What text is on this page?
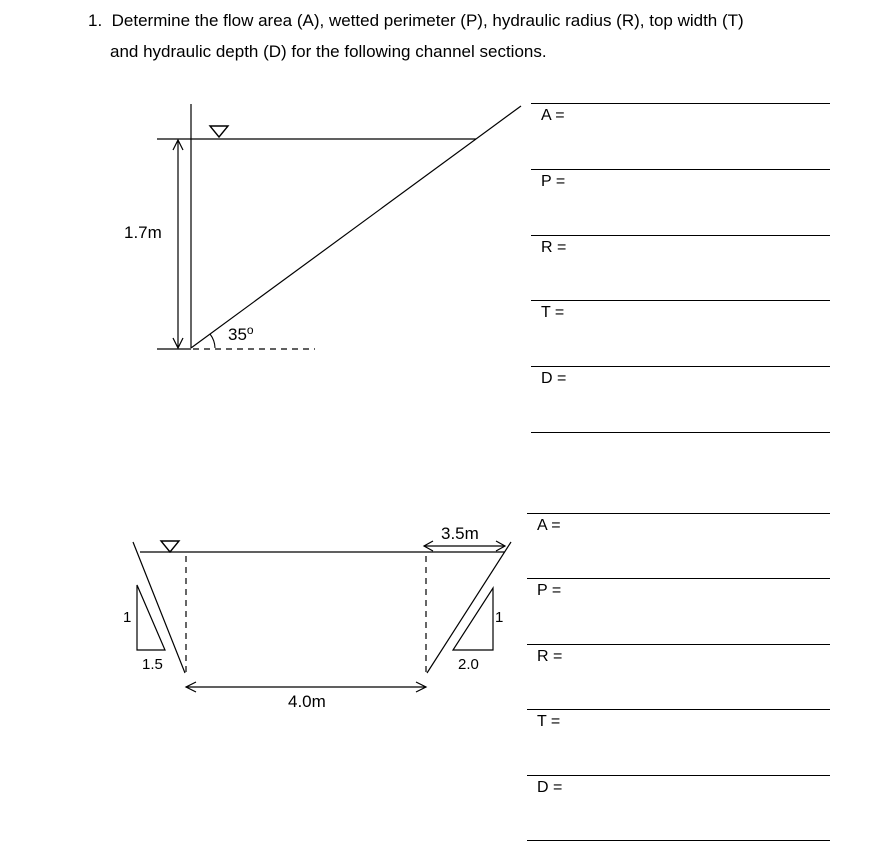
1. Determine the flow area (A), wetted perimeter (P), hydraulic radius (R), top width (T)
and hydraulic depth (D) for the following channel sections.
1.7m
35$^o$
4.0m
3.5m
1
1.5
1
2.0
A =
P =
R =
T =
D =
A =
P =
R =
T =
D =
